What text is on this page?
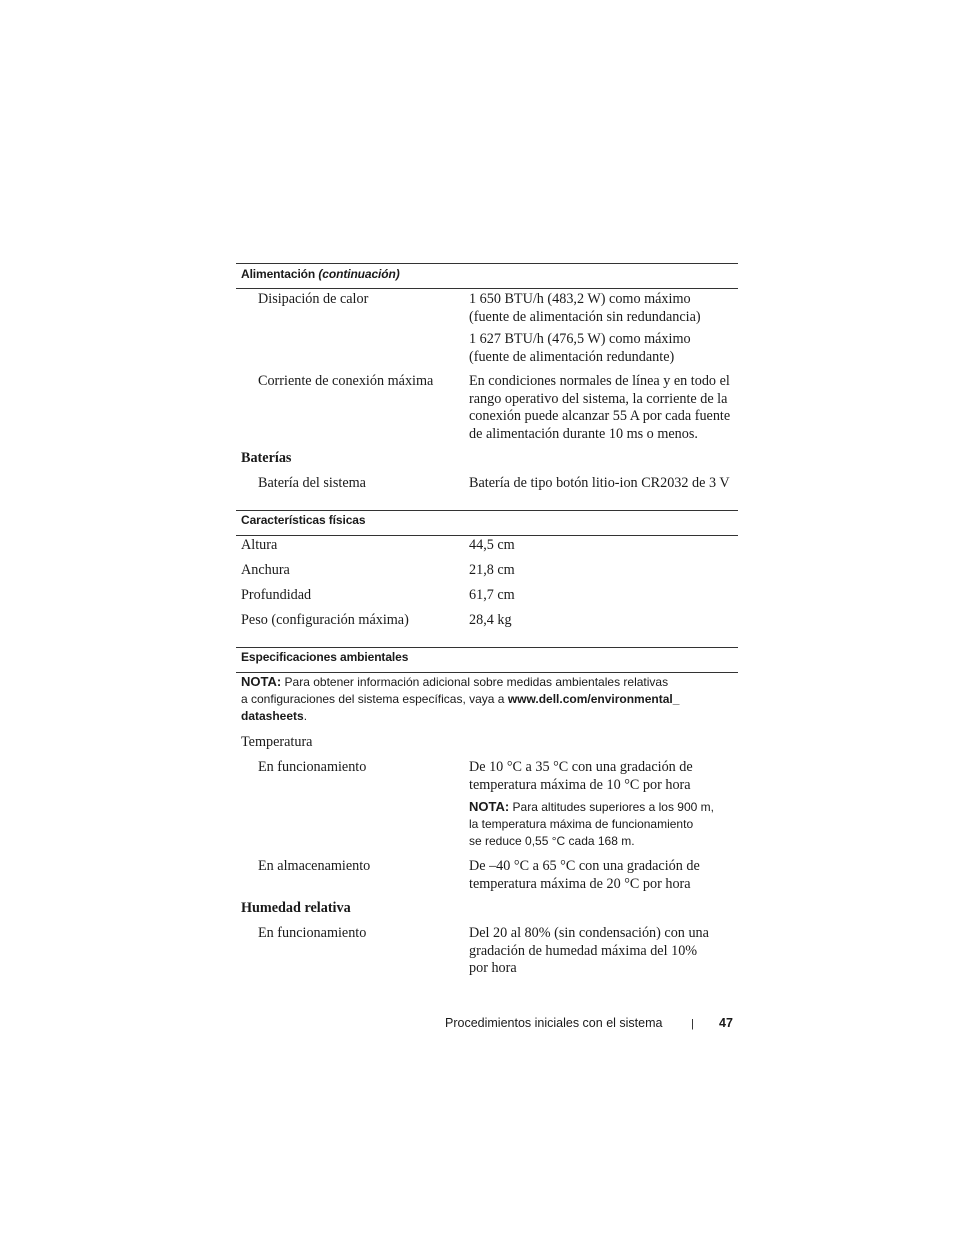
Alimentación (continuación)
Disipación de calor	1 650 BTU/h (483,2 W) como máximo
(fuente de alimentación sin redundancia)
1 627 BTU/h (476,5 W) como máximo
(fuente de alimentación redundante)
Corriente de conexión máxima	En condiciones normales de línea y en todo el
rango operativo del sistema, la corriente de la
conexión puede alcanzar 55 A por cada fuente
de alimentación durante 10 ms o menos.
Baterías
Batería del sistema	Batería de tipo botón litio-ion CR2032 de 3 V
Características físicas
Altura	44,5 cm
Anchura	21,8 cm
Profundidad	61,7 cm
Peso (configuración máxima)	28,4 kg
Especificaciones ambientales
NOTA: Para obtener información adicional sobre medidas ambientales relativas
a configuraciones del sistema específicas, vaya a www.dell.com/environmental_
datasheets.
Temperatura
En funcionamiento	De 10 °C a 35 °C con una gradación de
temperatura máxima de 10 °C por hora
NOTA: Para altitudes superiores a los 900 m,
la temperatura máxima de funcionamiento
se reduce 0,55 °C cada 168 m.
En almacenamiento	De –40 °C a 65 °C con una gradación de
temperatura máxima de 20 °C por hora
Humedad relativa
En funcionamiento	Del 20 al 80% (sin condensación) con una
gradación de humedad máxima del 10%
por hora
Procedimientos iniciales con el sistema	| 47
